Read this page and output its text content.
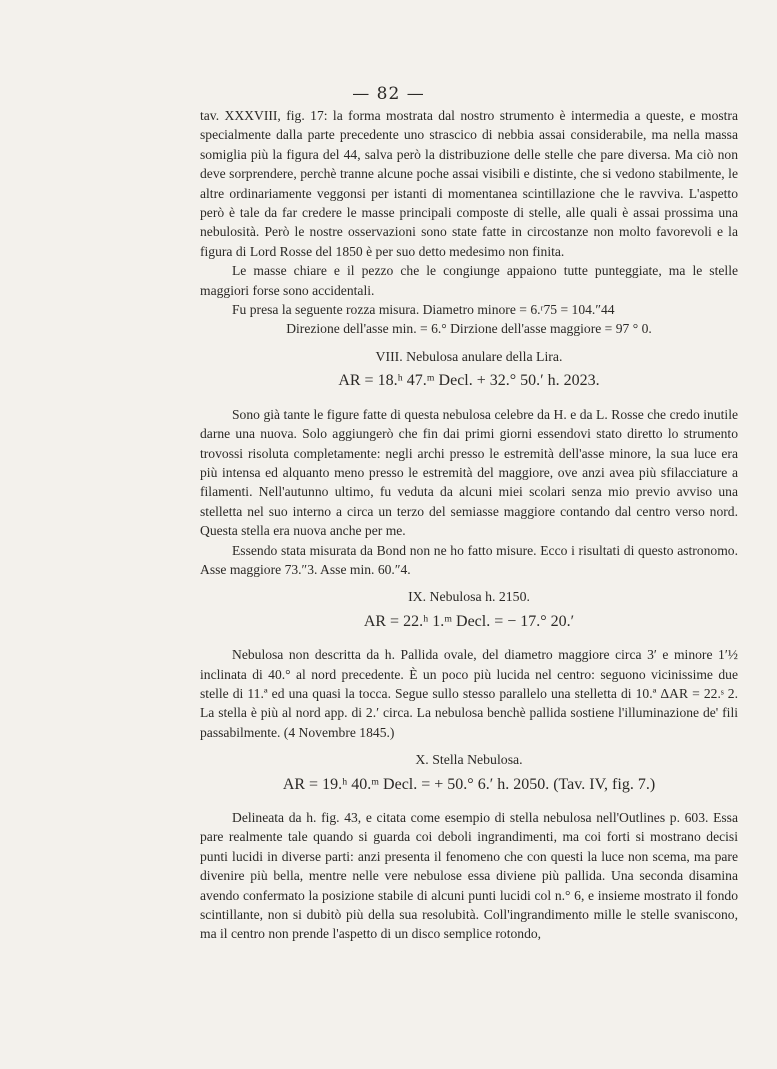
— 82 —

tav. XXXVIII, fig. 17: la forma mostrata dal nostro strumento è intermedia a queste, e mostra specialmente dalla parte precedente uno strascico di nebbia assai considerabile, ma nella massa somiglia più la figura del 44, salva però la distribuzione delle stelle che pare diversa. Ma ciò non deve sorprendere, perchè tranne alcune poche assai visibili e distinte, che si vedono stabilmente, le altre ordinariamente veggonsi per istanti di momentanea scintillazione che le ravviva. L'aspetto però è tale da far credere le masse principali composte di stelle, alle quali è assai prossima una nebulosità. Però le nostre osservazioni sono state fatte in circostanze non molto favorevoli e la figura di Lord Rosse del 1850 è per suo detto medesimo non finita.

Le masse chiare e il pezzo che le congiunge appaiono tutte punteggiate, ma le stelle maggiori forse sono accidentali.

Fu presa la seguente rozza misura. Diametro minore = 6.ʳ75 = 104.″44

Direzione dell'asse min. = 6.° Dirzione dell'asse maggiore = 97 ° 0.

VIII. Nebulosa anulare della Lira.

AR = 18.ʰ 47.ᵐ Decl. + 32.° 50.′ h. 2023.

Sono già tante le figure fatte di questa nebulosa celebre da H. e da L. Rosse che credo inutile darne una nuova. Solo aggiungerò che fin dai primi giorni essendovi stato diretto lo strumento trovossi risoluta completamente: negli archi presso le estremità dell'asse minore, la sua luce era più intensa ed alquanto meno presso le estremità del maggiore, ove anzi avea più sfilacciature a filamenti. Nell'autunno ultimo, fu veduta da alcuni miei scolari senza mio previo avviso una stelletta nel suo interno a circa un terzo del semiasse maggiore contando dal centro verso nord. Questa stella era nuova anche per me.

Essendo stata misurata da Bond non ne ho fatto misure. Ecco i risultati di questo astronomo. Asse maggiore 73.″3. Asse min. 60.″4.

IX. Nebulosa h. 2150.

AR = 22.ʰ 1.ᵐ Decl. = − 17.° 20.′

Nebulosa non descritta da h. Pallida ovale, del diametro maggiore circa 3′ e minore 1′½ inclinata di 40.° al nord precedente. È un poco più lucida nel centro: seguono vicinissime due stelle di 11.ª ed una quasi la tocca. Segue sullo stesso parallelo una stelletta di 10.ª ΔAR = 22.ˢ 2. La stella è più al nord app. di 2.′ circa. La nebulosa benchè pallida sostiene l'illuminazione de' fili passabilmente. (4 Novembre 1845.)

X. Stella Nebulosa.

AR = 19.ʰ 40.ᵐ Decl. = + 50.° 6.′ h. 2050. (Tav. IV, fig. 7.)

Delineata da h. fig. 43, e citata come esempio di stella nebulosa nell'Outlines p. 603. Essa pare realmente tale quando si guarda coi deboli ingrandimenti, ma coi forti si mostrano decisi punti lucidi in diverse parti: anzi presenta il fenomeno che con questi la luce non scema, ma pare divenire più bella, mentre nelle vere nebulose essa diviene più pallida. Una seconda disamina avendo confermato la posizione stabile di alcuni punti lucidi col n.° 6, e insieme mostrato il fondo scintillante, non si dubitò più della sua resolubità. Coll'ingrandimento mille le stelle svaniscono, ma il centro non prende l'aspetto di un disco semplice rotondo,
